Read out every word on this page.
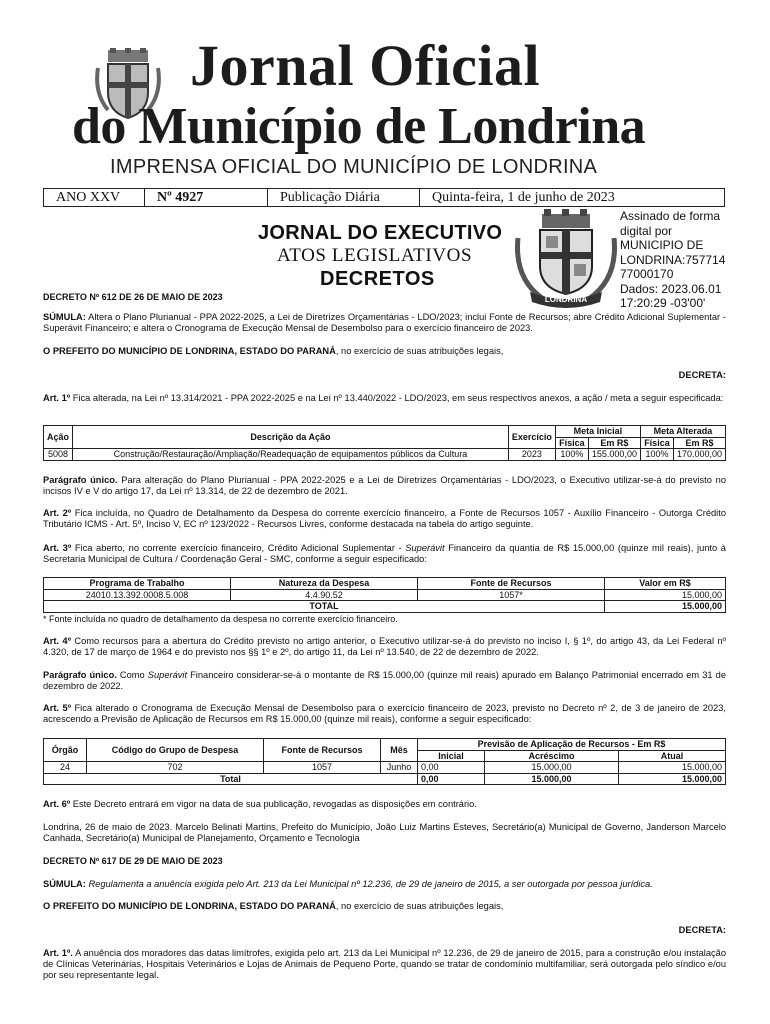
Jornal Oficial
do Município de Londrina
IMPRENSA OFICIAL DO MUNICÍPIO DE LONDRINA
ANO XXV	Nº 4927	Publicação Diária	Quinta-feira, 1 de junho de 2023
Assinado de forma
digital por
MUNICIPIO DE
LONDRINA:757714
77000170
Dados: 2023.06.01
17:20:29 -03'00'
JORNAL DO EXECUTIVO
ATOS LEGISLATIVOS
DECRETOS
LONDRINA

DECRETO Nº 612 DE 26 DE MAIO DE 2023

SÚMULA: Altera o Plano Plurianual - PPA 2022-2025, a Lei de Diretrizes Orçamentárias - LDO/2023; inclui Fonte de Recursos; abre Crédito Adicional Suplementar - Superávit Financeiro; e altera o Cronograma de Execução Mensal de Desembolso para o exercício financeiro de 2023.

O PREFEITO DO MUNICÍPIO DE LONDRINA, ESTADO DO PARANÁ, no exercício de suas atribuições legais,

DECRETA:

Art. 1º Fica alterada, na Lei nº 13.314/2021 - PPA 2022-2025 e na Lei nº 13.440/2022 - LDO/2023, em seus respectivos anexos, a ação / meta a seguir especificada:

Ação	Descrição da Ação	Exercício	Meta Inicial		Meta Alterada	
			Física	Em R$	Física	Em R$
5008	Construção/Restauração/Ampliação/Readequação de equipamentos públicos da Cultura	2023	100%	155.000,00	100%	170.000,00

Parágrafo único. Para alteração do Plano Plurianual - PPA 2022-2025 e a Lei de Diretrizes Orçamentárias - LDO/2023, o Executivo utilizar-se-á do previsto no incisos IV e V do artigo 17, da Lei nº 13.314, de 22 de dezembro de 2021.

Art. 2º Fica incluída, no Quadro de Detalhamento da Despesa do corrente exercício financeiro, a Fonte de Recursos 1057 - Auxílio Financeiro - Outorga Crédito Tributário ICMS - Art. 5º, Inciso V, EC nº 123/2022 - Recursos Livres, conforme destacada na tabela do artigo seguinte.

Art. 3º Fica aberto, no corrente exercício financeiro, Crédito Adicional Suplementar - Superávit Financeiro da quantia de R$ 15.000,00 (quinze mil reais), junto à Secretaria Municipal de Cultura / Coordenação Geral - SMC, conforme a seguir especificado:

Programa de Trabalho	Natureza da Despesa	Fonte de Recursos	Valor em R$
24010.13.392.0008.5.008	4.4.90.52	1057*	15.000,00
TOTAL			15.000,00

* Fonte incluída no quadro de detalhamento da despesa no corrente exercício financeiro.

Art. 4º Como recursos para a abertura do Crédito previsto no artigo anterior, o Executivo utilizar-se-á do previsto no inciso I, § 1º, do artigo 43, da Lei Federal nº 4.320, de 17 de março de 1964 e do previsto nos §§ 1º e 2º, do artigo 11, da Lei nº 13.540, de 22 de dezembro de 2022.

Parágrafo único. Como Superávit Financeiro considerar-se-á o montante de R$ 15.000,00 (quinze mil reais) apurado em Balanço Patrimonial encerrado em 31 de dezembro de 2022.

Art. 5º Fica alterado o Cronograma de Execução Mensal de Desembolso para o exercício financeiro de 2023, previsto no Decreto nº 2, de 3 de janeiro de 2023, acrescendo a Previsão de Aplicação de Recursos em R$ 15.000,00 (quinze mil reais), conforme a seguir especificado:

Órgão	Código do Grupo de Despesa	Fonte de Recursos	Mês	Previsão de Aplicação de Recursos - Em R$		
				Inicial	Acréscimo	Atual
24	702	1057	Junho	0,00	15.000,00	15.000,00
Total				0,00	15.000,00	15.000,00

Art. 6º Este Decreto entrará em vigor na data de sua publicação, revogadas as disposições em contrário.

Londrina, 26 de maio de 2023. Marcelo Belinati Martins, Prefeito do Município, João Luiz Martins Esteves, Secretário(a) Municipal de Governo, Janderson Marcelo Canhada, Secretário(a) Municipal de Planejamento, Orçamento e Tecnologia

DECRETO Nº 617 DE 29 DE MAIO DE 2023

SÚMULA: Regulamenta a anuência exigida pelo Art. 213 da Lei Municipal nº 12.236, de 29 de janeiro de 2015, a ser outorgada por pessoa jurídica.

O PREFEITO DO MUNICÍPIO DE LONDRINA, ESTADO DO PARANÁ, no exercício de suas atribuições legais,

DECRETA:

Art. 1º. A anuência dos moradores das datas limítrofes, exigida pelo art. 213 da Lei Municipal nº 12.236, de 29 de janeiro de 2015, para a construção e/ou instalação de Clínicas Veterinárias, Hospitais Veterinários e Lojas de Animais de Pequeno Porte, quando se tratar de condomínio multifamiliar, será outorgada pelo síndico e/ou por seu representante legal.
